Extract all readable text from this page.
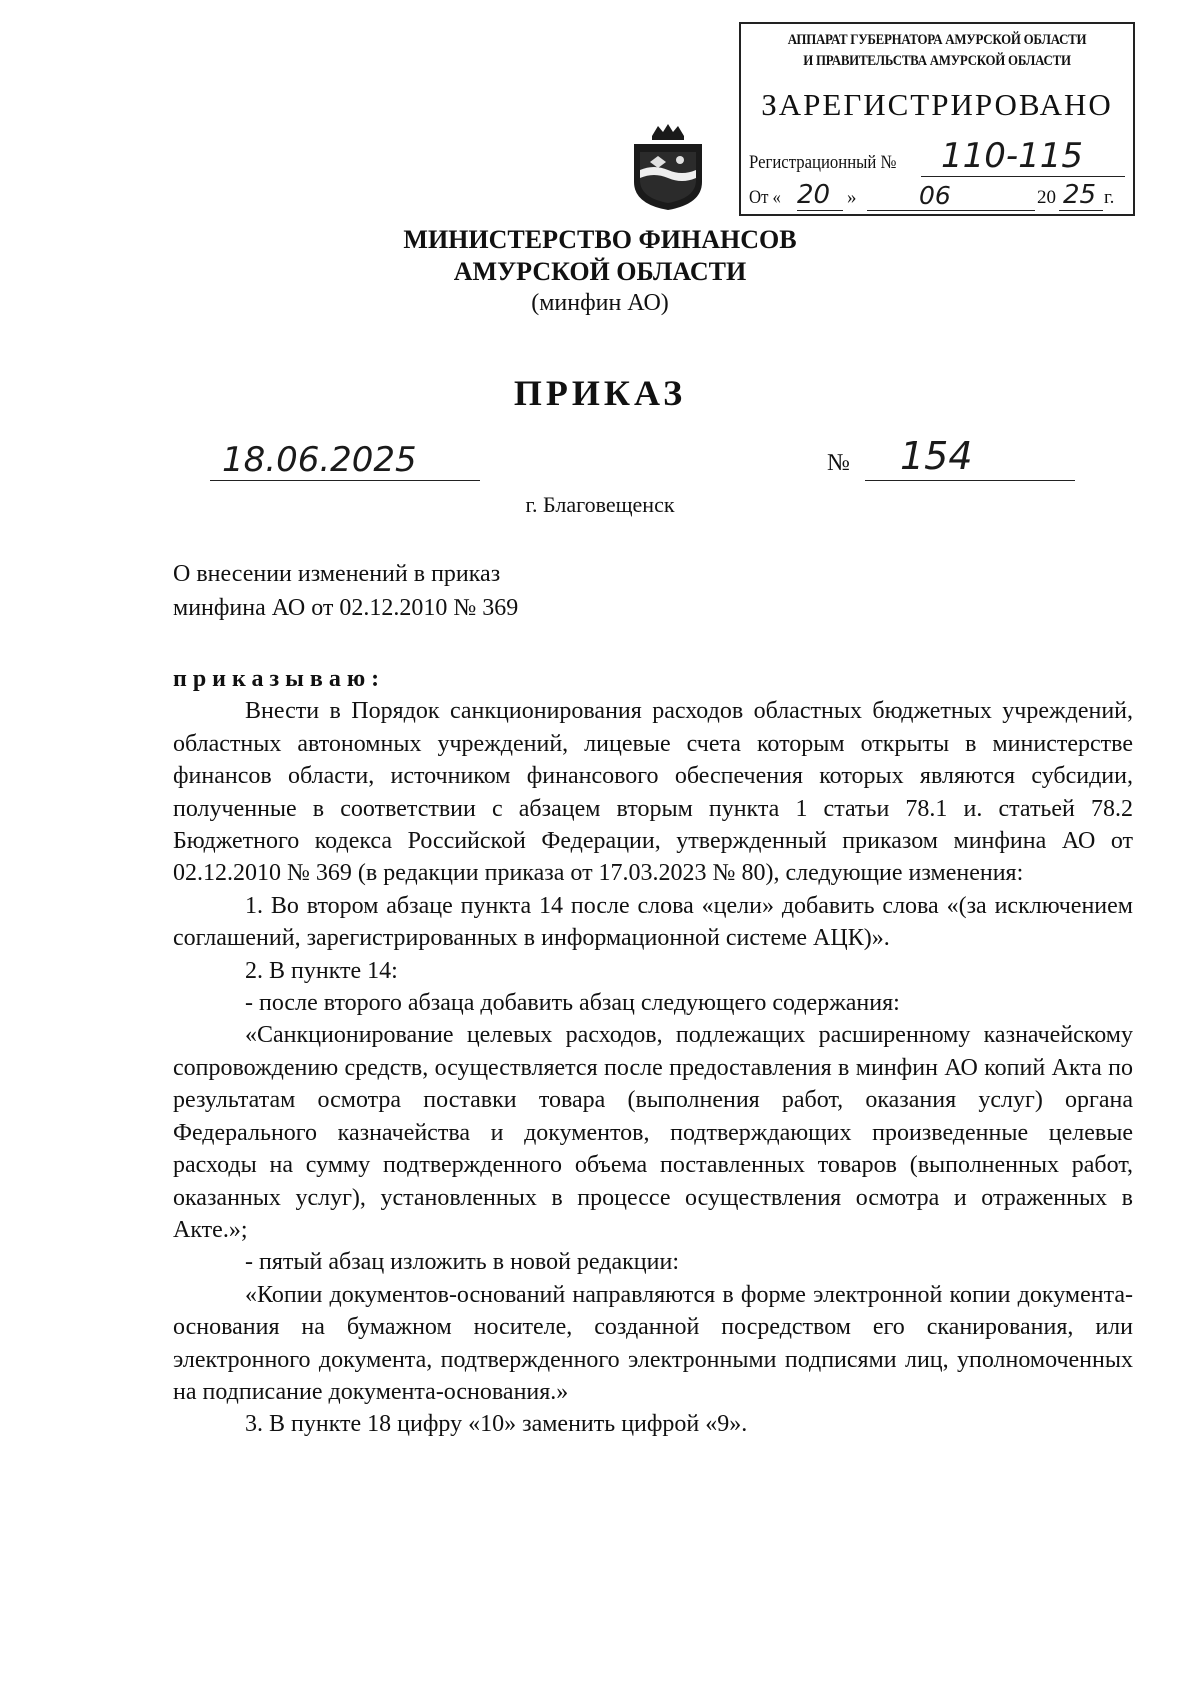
АППАРАТ ГУБЕРНАТОРА АМУРСКОЙ ОБЛАСТИ
И ПРАВИТЕЛЬСТВА АМУРСКОЙ ОБЛАСТИ
ЗАРЕГИСТРИРОВАНО
Регистрационный №	110-115
От « 20 »	06	20 25 г.
МИНИСТЕРСТВО ФИНАНСОВ
АМУРСКОЙ ОБЛАСТИ
(минфин АО)
ПРИКАЗ
18.06.2025	№ 154
г. Благовещенск
О внесении изменений в приказ
минфина АО от 02.12.2010 № 369

приказываю:

Внести в Порядок санкционирования расходов областных бюджетных учреждений, областных автономных учреждений, лицевые счета которым открыты в министерстве финансов области, источником финансового обеспечения которых являются субсидии, полученные в соответствии с абзацем вторым пункта 1 статьи 78.1 и. статьей 78.2 Бюджетного кодекса Российской Федерации, утвержденный приказом минфина АО от 02.12.2010 № 369 (в редакции приказа от 17.03.2023 № 80), следующие изменения:

1. Во втором абзаце пункта 14 после слова «цели» добавить слова «(за исключением соглашений, зарегистрированных в информационной системе АЦК)».

2. В пункте 14:

- после второго абзаца добавить абзац следующего содержания:

«Санкционирование целевых расходов, подлежащих расширенному казначейскому сопровождению средств, осуществляется после предоставления в минфин АО копий Акта по результатам осмотра поставки товара (выполнения работ, оказания услуг) органа Федерального казначейства и документов, подтверждающих произведенные целевые расходы на сумму подтвержденного объема поставленных товаров (выполненных работ, оказанных услуг), установленных в процессе осуществления осмотра и отраженных в Акте.»;

- пятый абзац изложить в новой редакции:

«Копии документов-оснований направляются в форме электронной копии документа-основания на бумажном носителе, созданной посредством его сканирования, или электронного документа, подтвержденного электронными подписями лиц, уполномоченных на подписание документа-основания.»

3. В пункте 18 цифру «10» заменить цифрой «9».
